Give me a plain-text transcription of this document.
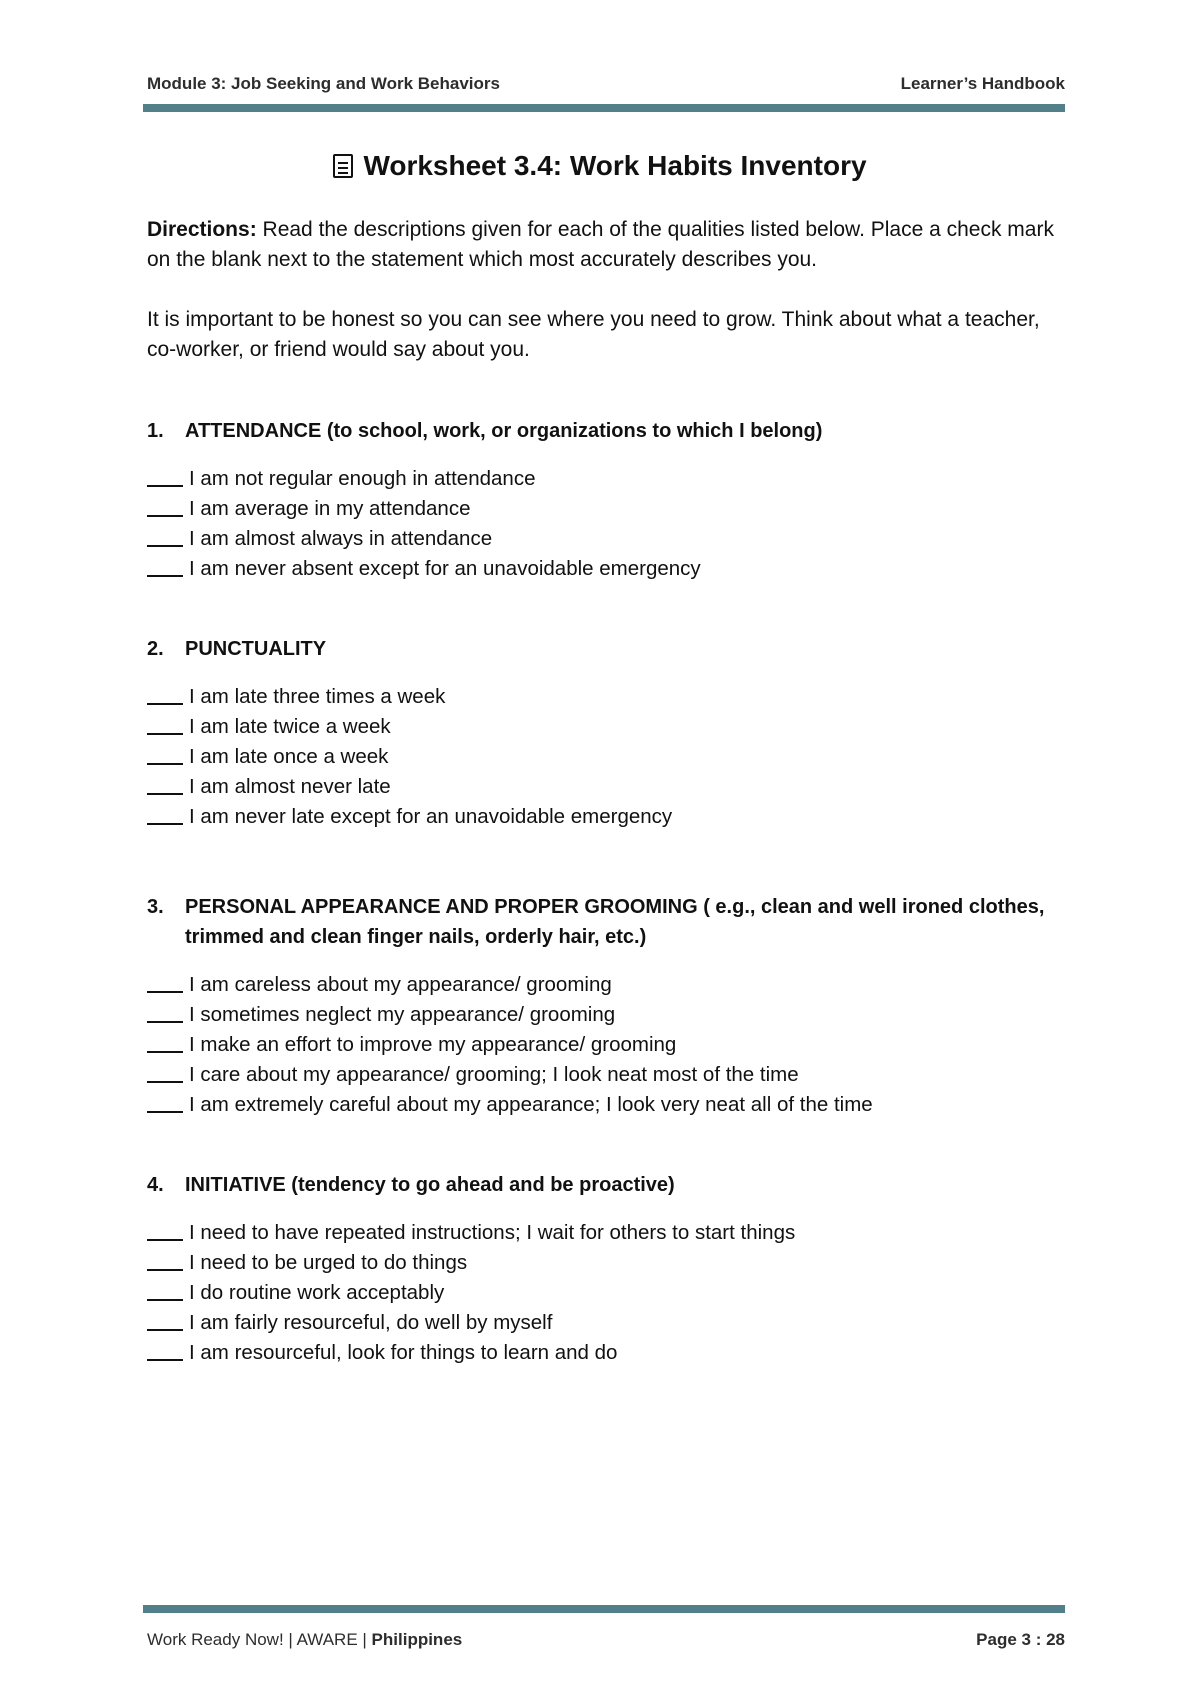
Module 3: Job Seeking and Work Behaviors	Learner’s Handbook
Worksheet 3.4: Work Habits Inventory
Directions: Read the descriptions given for each of the qualities listed below. Place a check mark on the blank next to the statement which most accurately describes you.
It is important to be honest so you can see where you need to grow. Think about what a teacher, co-worker, or friend would say about you.
1.	ATTENDANCE (to school, work, or organizations to which I belong)
I am not regular enough in attendance
I am average in my attendance
I am almost always in attendance
I am never absent except for an unavoidable emergency
2.	PUNCTUALITY
I am late three times a week
I am late twice a week
I am late once a week
I am almost never late
I am never late except for an unavoidable emergency
3.	PERSONAL APPEARANCE AND PROPER GROOMING ( e.g., clean and well ironed clothes, trimmed and clean finger nails, orderly hair, etc.)
I am careless about my appearance/ grooming
I sometimes neglect my appearance/ grooming
I make an effort to improve my appearance/ grooming
I care about my appearance/ grooming; I look neat most of the time
I am extremely careful about my appearance; I look very neat all of the time
4.	INITIATIVE (tendency to go ahead and be proactive)
I need to have repeated instructions; I wait for others to start things
I need to be urged to do things
I do routine work acceptably
I am fairly resourceful, do well by myself
I am resourceful, look for things to learn and do
Work Ready Now! | AWARE | Philippines	Page 3 : 28
